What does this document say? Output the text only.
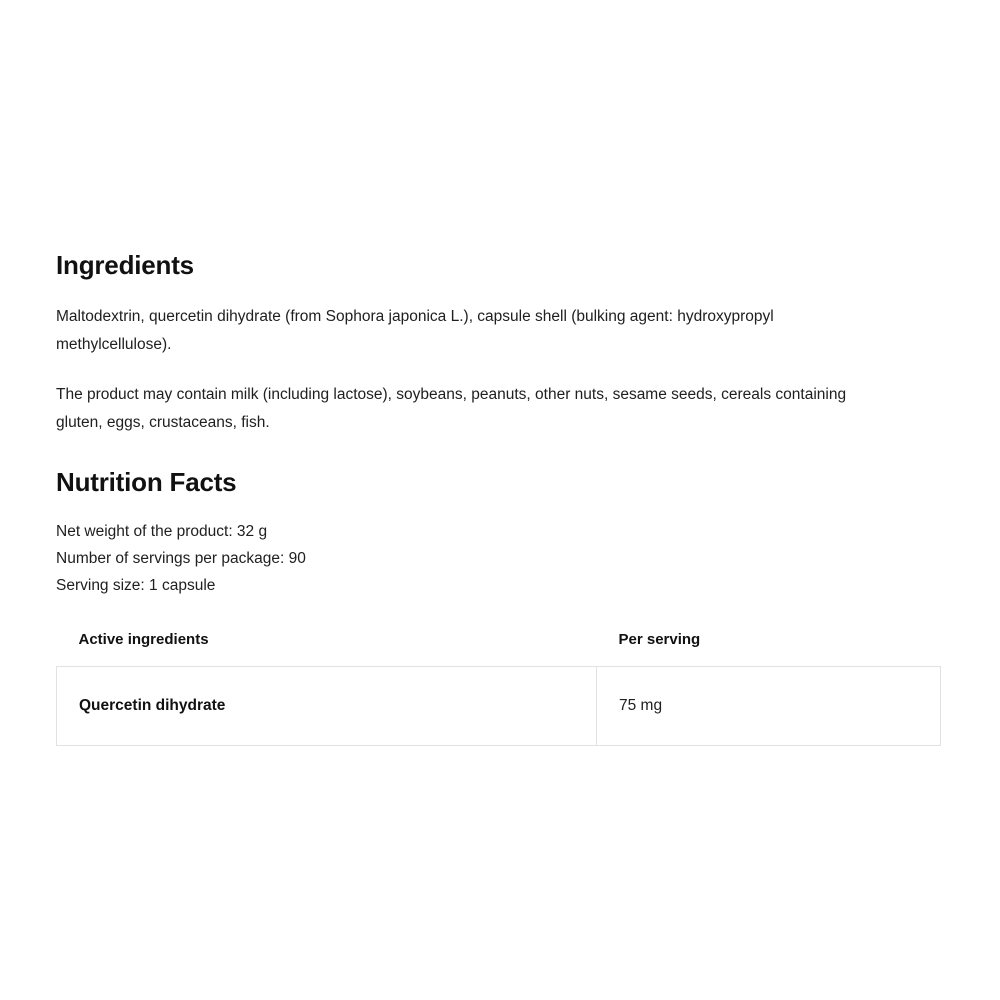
Ingredients

Maltodextrin, quercetin dihydrate (from Sophora japonica L.), capsule shell (bulking agent: hydroxypropyl methylcellulose).

The product may contain milk (including lactose), soybeans, peanuts, other nuts, sesame seeds, cereals containing gluten, eggs, crustaceans, fish.

Nutrition Facts
Net weight of the product: 32 g
Number of servings per package: 90
Serving size: 1 capsule
Active ingredients	Per serving
Quercetin dihydrate	75 mg
